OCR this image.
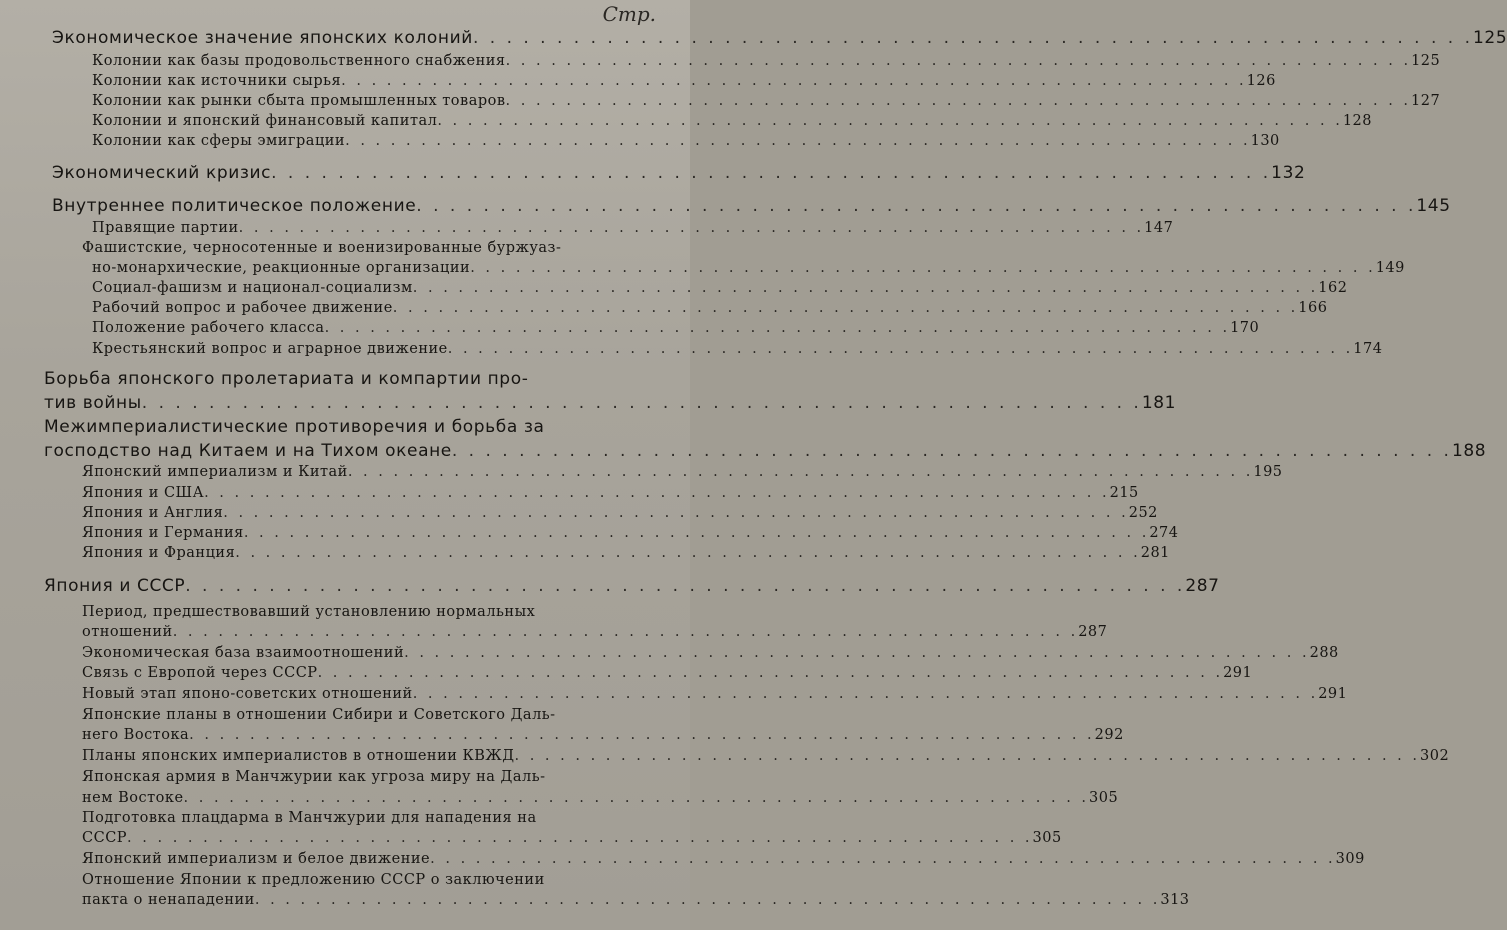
Стр.
Экономическое значение японских колоний . . . . . . . . . . . . . . . . . . . . . . . . . . . . . . . . . . . . . . . . . . . . . . . . . . . . . . . . . . . . 125
Колонии как базы продовольственного снабжения . . . . . . . . . . . . . . . . . . . . . . . . . . . . . . . . . . . . . . . . . . . . . . . . . . . . . . . . . . . . 125
Колонии как источники сырья . . . . . . . . . . . . . . . . . . . . . . . . . . . . . . . . . . . . . . . . . . . . . . . . . . . . . . . . . . . . 126
Колонии как рынки сбыта промышленных товаров . . . . . . . . . . . . . . . . . . . . . . . . . . . . . . . . . . . . . . . . . . . . . . . . . . . . . . . . . . . . 127
Колонии и японский финансовый капитал . . . . . . . . . . . . . . . . . . . . . . . . . . . . . . . . . . . . . . . . . . . . . . . . . . . . . . . . . . . . 128
Колонии как сферы эмиграции . . . . . . . . . . . . . . . . . . . . . . . . . . . . . . . . . . . . . . . . . . . . . . . . . . . . . . . . . . . . 130
Экономический кризис . . . . . . . . . . . . . . . . . . . . . . . . . . . . . . . . . . . . . . . . . . . . . . . . . . . . . . . . . . . . 132
Внутреннее политическое положение . . . . . . . . . . . . . . . . . . . . . . . . . . . . . . . . . . . . . . . . . . . . . . . . . . . . . . . . . . . . 145
Правящие партии . . . . . . . . . . . . . . . . . . . . . . . . . . . . . . . . . . . . . . . . . . . . . . . . . . . . . . . . . . . . 147
Фашистские, черносотенные и военизированные буржуаз-
но-монархические, реакционные организации . . . . . . . . . . . . . . . . . . . . . . . . . . . . . . . . . . . . . . . . . . . . . . . . . . . . . . . . . . . . 149
Социал-фашизм и национал-социализм . . . . . . . . . . . . . . . . . . . . . . . . . . . . . . . . . . . . . . . . . . . . . . . . . . . . . . . . . . . . 162
Рабочий вопрос и рабочее движение . . . . . . . . . . . . . . . . . . . . . . . . . . . . . . . . . . . . . . . . . . . . . . . . . . . . . . . . . . . . 166
Положение рабочего класса . . . . . . . . . . . . . . . . . . . . . . . . . . . . . . . . . . . . . . . . . . . . . . . . . . . . . . . . . . . . 170
Крестьянский вопрос и аграрное движение . . . . . . . . . . . . . . . . . . . . . . . . . . . . . . . . . . . . . . . . . . . . . . . . . . . . . . . . . . . . 174
Борьба японского пролетариата и компартии про-
тив войны . . . . . . . . . . . . . . . . . . . . . . . . . . . . . . . . . . . . . . . . . . . . . . . . . . . . . . . . . . . . 181
Межимпериалистические противоречия и борьба за
господство над Китаем и на Тихом океане . . . . . . . . . . . . . . . . . . . . . . . . . . . . . . . . . . . . . . . . . . . . . . . . . . . . . . . . . . . . 188
Японский империализм и Китай . . . . . . . . . . . . . . . . . . . . . . . . . . . . . . . . . . . . . . . . . . . . . . . . . . . . . . . . . . . . 195
Япония и США . . . . . . . . . . . . . . . . . . . . . . . . . . . . . . . . . . . . . . . . . . . . . . . . . . . . . . . . . . . . 215
Япония и Англия . . . . . . . . . . . . . . . . . . . . . . . . . . . . . . . . . . . . . . . . . . . . . . . . . . . . . . . . . . . . 252
Япония и Германия . . . . . . . . . . . . . . . . . . . . . . . . . . . . . . . . . . . . . . . . . . . . . . . . . . . . . . . . . . . . 274
Япония и Франция . . . . . . . . . . . . . . . . . . . . . . . . . . . . . . . . . . . . . . . . . . . . . . . . . . . . . . . . . . . . 281
Япония и СССР . . . . . . . . . . . . . . . . . . . . . . . . . . . . . . . . . . . . . . . . . . . . . . . . . . . . . . . . . . . . 287
Период, предшествовавший установлению нормальных
отношений . . . . . . . . . . . . . . . . . . . . . . . . . . . . . . . . . . . . . . . . . . . . . . . . . . . . . . . . . . . . 287
Экономическая база взаимоотношений . . . . . . . . . . . . . . . . . . . . . . . . . . . . . . . . . . . . . . . . . . . . . . . . . . . . . . . . . . . . 288
Связь с Европой через СССР . . . . . . . . . . . . . . . . . . . . . . . . . . . . . . . . . . . . . . . . . . . . . . . . . . . . . . . . . . . . 291
Новый этап японо-советских отношений . . . . . . . . . . . . . . . . . . . . . . . . . . . . . . . . . . . . . . . . . . . . . . . . . . . . . . . . . . . . 291
Японские планы в отношении Сибири и Советского Даль-
него Востока . . . . . . . . . . . . . . . . . . . . . . . . . . . . . . . . . . . . . . . . . . . . . . . . . . . . . . . . . . . . 292
Планы японских империалистов в отношении КВЖД . . . . . . . . . . . . . . . . . . . . . . . . . . . . . . . . . . . . . . . . . . . . . . . . . . . . . . . . . . . . 302
Японская армия в Манчжурии как угроза миру на Даль-
нем Востоке . . . . . . . . . . . . . . . . . . . . . . . . . . . . . . . . . . . . . . . . . . . . . . . . . . . . . . . . . . . . 305
Подготовка плацдарма в Манчжурии для нападения на
СССР . . . . . . . . . . . . . . . . . . . . . . . . . . . . . . . . . . . . . . . . . . . . . . . . . . . . . . . . . . . . 305
Японский империализм и белое движение . . . . . . . . . . . . . . . . . . . . . . . . . . . . . . . . . . . . . . . . . . . . . . . . . . . . . . . . . . . . 309
Отношение Японии к предложению СССР о заключении
пакта о ненападении . . . . . . . . . . . . . . . . . . . . . . . . . . . . . . . . . . . . . . . . . . . . . . . . . . . . . . . . . . . . 313
